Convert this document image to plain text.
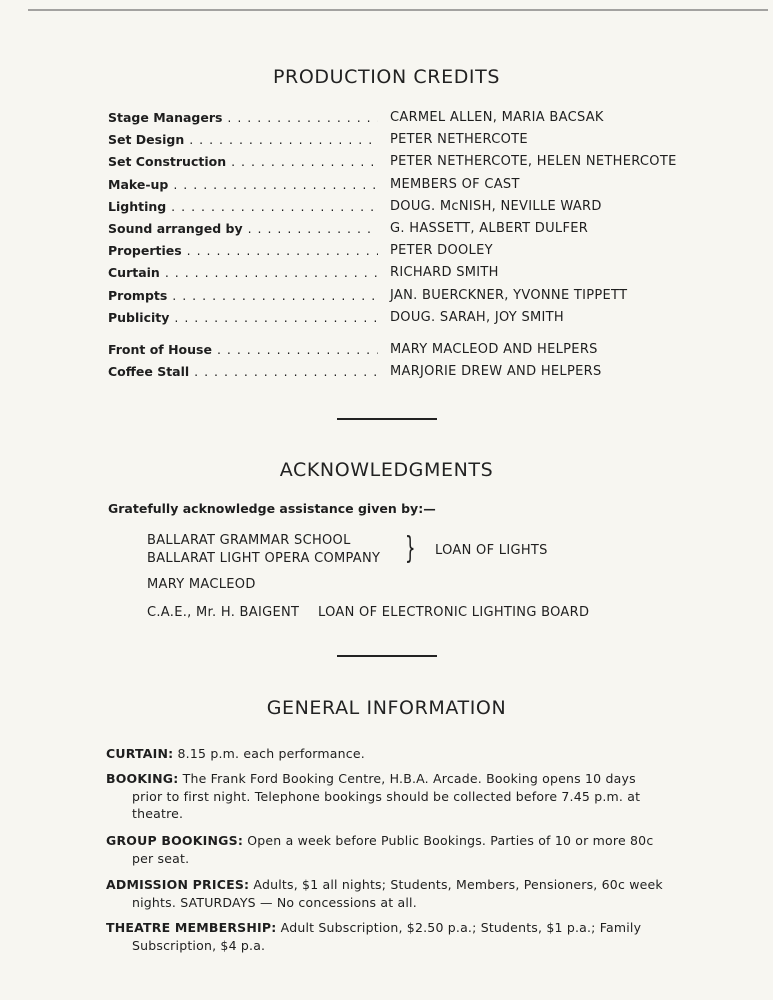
PRODUCTION CREDITS
Stage Managers . . .	CARMEL ALLEN, MARIA BACSAK
Set Design . . .	PETER NETHERCOTE
Set Construction . . .	PETER NETHERCOTE, HELEN NETHERCOTE
Make-up . . .	MEMBERS OF CAST
Lighting . . .	DOUG. McNISH, NEVILLE WARD
Sound arranged by . . .	G. HASSETT, ALBERT DULFER
Properties . . .	PETER DOOLEY
Curtain . . .	RICHARD SMITH
Prompts . . .	JAN. BUERCKNER, YVONNE TIPPETT
Publicity . . .	DOUG. SARAH, JOY SMITH
Front of House . . .	MARY MACLEOD AND HELPERS
Coffee Stall . . .	MARJORIE DREW AND HELPERS
ACKNOWLEDGMENTS
Gratefully acknowledge assistance given by:—
BALLARAT GRAMMAR SCHOOL
BALLARAT LIGHT OPERA COMPANY } LOAN OF LIGHTS
MARY MACLEOD
C.A.E., Mr. H. BAIGENT LOAN OF ELECTRONIC LIGHTING BOARD
GENERAL INFORMATION
CURTAIN: 8.15 p.m. each performance.
BOOKING: The Frank Ford Booking Centre, H.B.A. Arcade. Booking opens 10 days
prior to first night. Telephone bookings should be collected before 7.45 p.m. at
theatre.
GROUP BOOKINGS: Open a week before Public Bookings. Parties of 10 or more 80c
per seat.
ADMISSION PRICES: Adults, $1 all nights; Students, Members, Pensioners, 60c week
nights. SATURDAYS — No concessions at all.
THEATRE MEMBERSHIP: Adult Subscription, $2.50 p.a.; Students, $1 p.a.; Family
Subscription, $4 p.a.
